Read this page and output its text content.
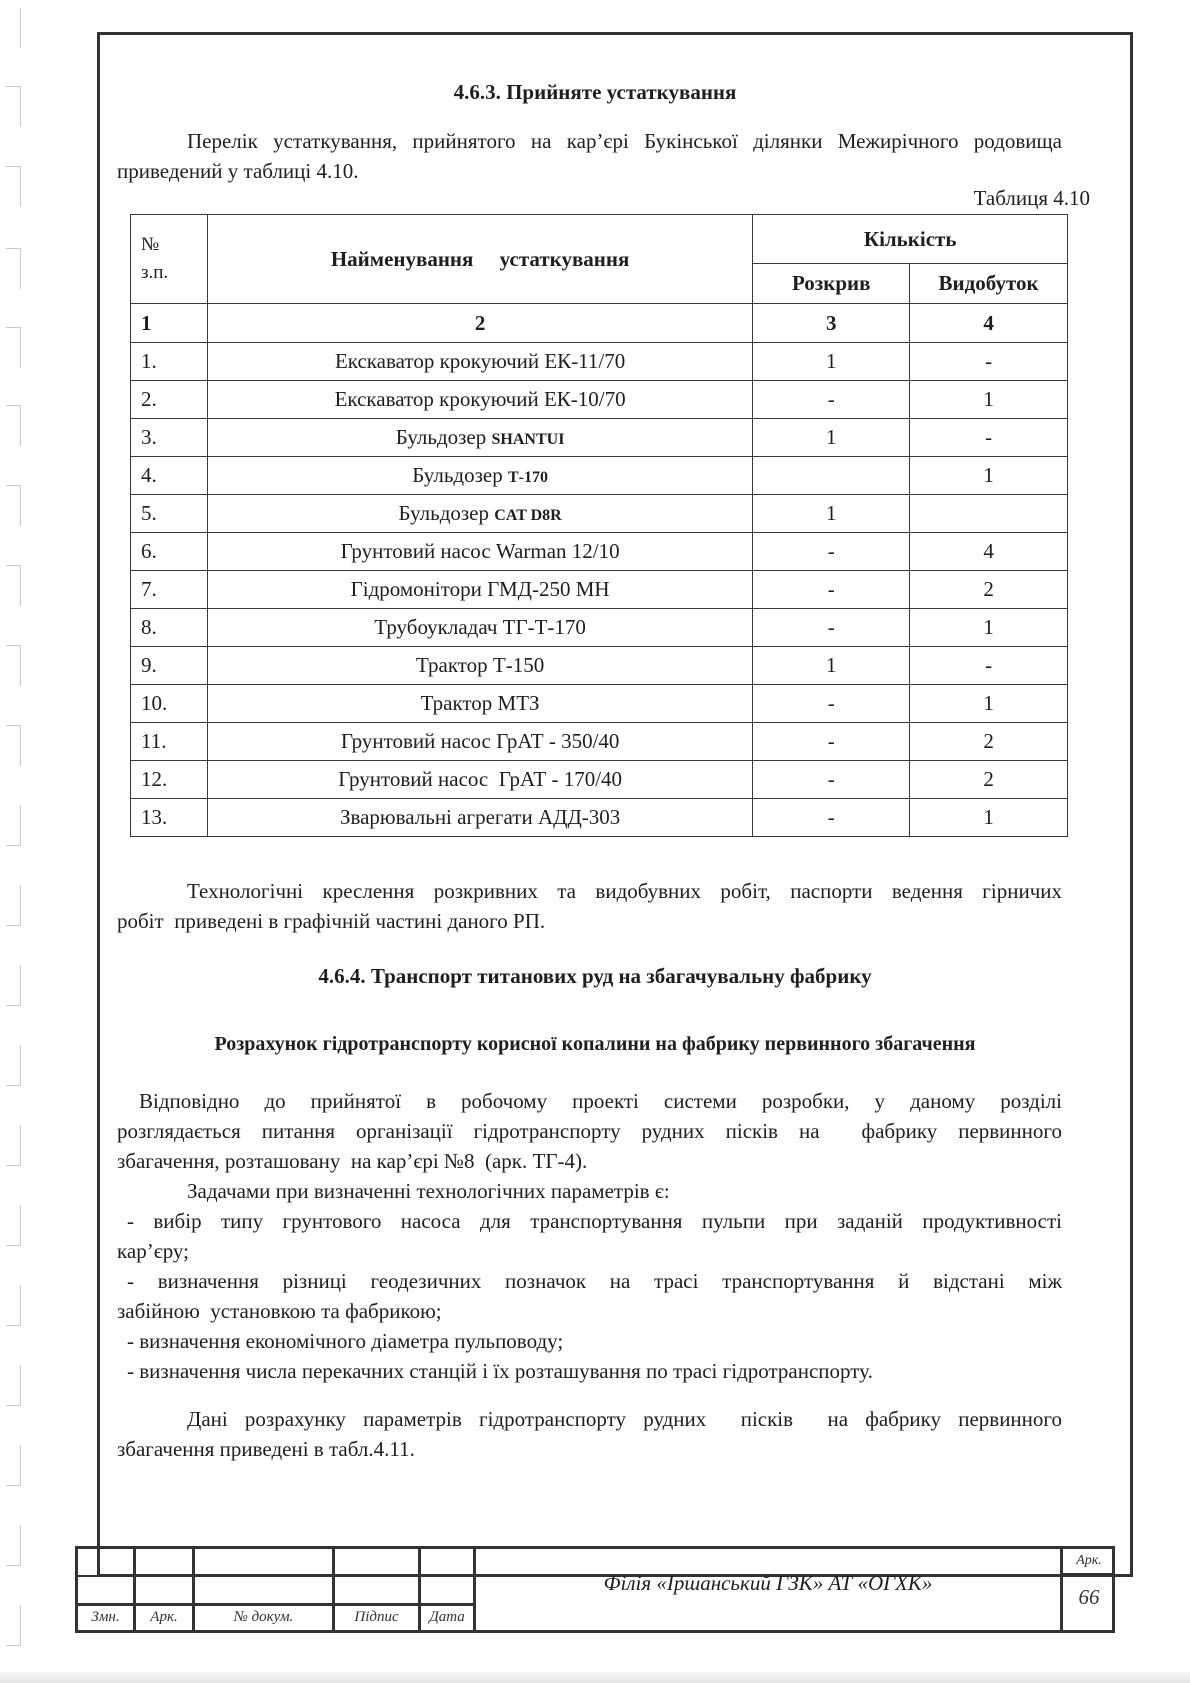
4.6.3. Прийняте устаткування
Перелік устаткування, прийнятого на кар’єрі Букінської ділянки Межирічного родовища
приведений у таблиці 4.10.
Таблиця 4.10
№
з.п.	Найменування     устаткування	Кількість	
		Розкрив	Видобуток
1	2	3	4
1.	Екскаватор крокуючий ЕК-11/70	1	-
2.	Екскаватор крокуючий ЕК-10/70	-	1
3.	Бульдозер SHANTUI	1	-
4.	Бульдозер Т-170		1
5.	Бульдозер CAT D8R	1	
6.	Грунтовий насос Warman 12/10	-	4
7.	Гідромонітори ГМД-250 МН	-	2
8.	Трубоукладач ТГ-Т-170	-	1
9.	Трактор Т-150	1	-
10.	Трактор МТЗ	-	1
11.	Грунтовий насос ГрАТ - 350/40	-	2
12.	Грунтовий насос  ГрАТ - 170/40	-	2
13.	Зварювальні агрегати АДД-303	-	1
Технологічні креслення розкривних та видобувних робіт, паспорти ведення гірничих
робіт  приведені в графічній частині даного РП.
4.6.4. Транспорт титанових руд на збагачувальну фабрику
Розрахунок гідротранспорту корисної копалини на фабрику первинного збагачення
Відповідно до прийнятої в робочому проекті системи розробки, у даному розділі
розглядається питання організації гідротранспорту рудних пісків на  фабрику первинного
збагачення, розташовану  на кар’єрі №8  (арк. ТГ-4).
Задачами при визначенні технологічних параметрів є:
- вибір типу грунтового насоса для транспортування пульпи при заданій продуктивності
кар’єру;
- визначення різниці геодезичних позначок на трасі транспортування й відстані між
забійною  установкою та фабрикою;
- визначення економічного діаметра пульповоду;
- визначення числа перекачних станцій і їх розташування по трасі гідротранспорту.
Дані розрахунку параметрів гідротранспорту рудних  пісків  на фабрику первинного
збагачення приведені в табл.4.11.
Змн.	Арк.	№ докум.	Підпис	Дата
Філія «Іршанський ГЗК» АТ «ОГХК»
Арк.
66
